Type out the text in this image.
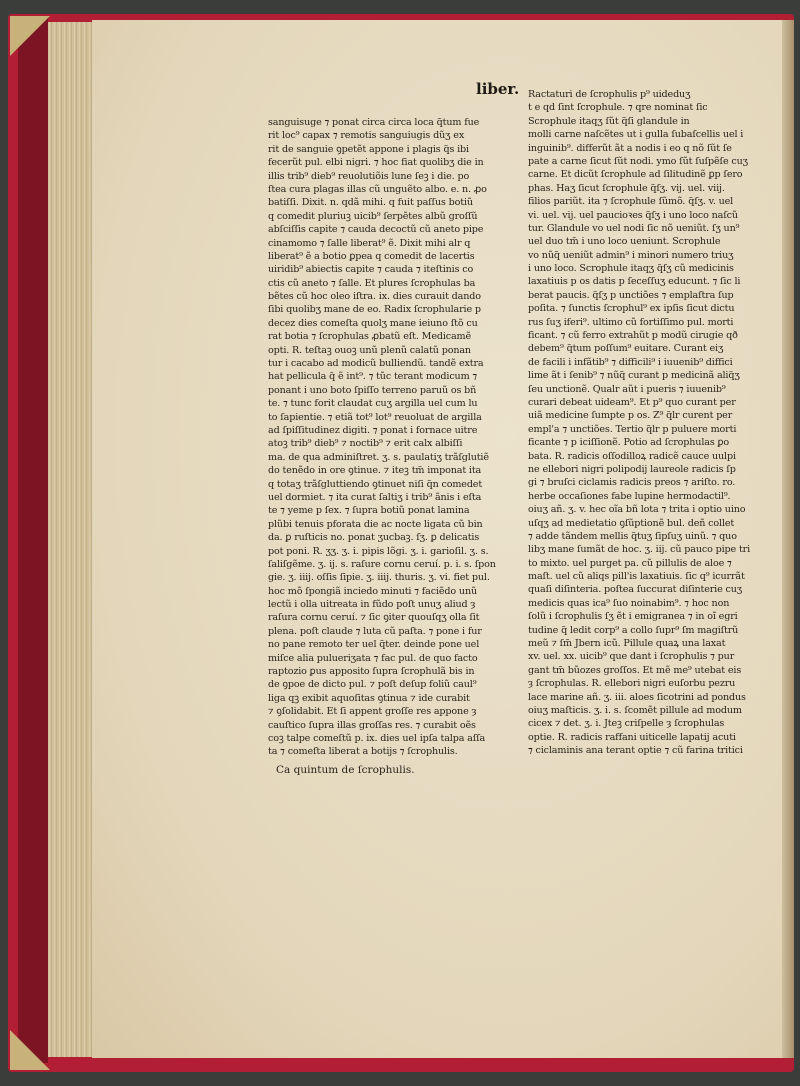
liber.
sanguisuge ⁊ ponat circa circa loca q̃tum fue
rit loc⁹ capax ⁊ remotis sanguiugis dũʒ ex
rit de sanguie ꝯpetẽt appone i plagis q̃s ibi
fecerũt pul. elbi nigri. ⁊ hoc fiat quolibʒ die in
illis trib⁹ dieb⁹ reuolutiõis lune ſeꝫ i die. po
ſtea cura plagas illas cũ unguẽto albo. e. n. ꝓo
batiſſi. Dixit. n. qdã mihi. q fuit paſſus botiũ
q comedit pluriuꝫ uicib⁹ ſerpẽtes albũ groſſũ
abſciſſis capite ⁊ cauda decoctũ cũ aneto pipe
cinamomo ⁊ ſalle liberat⁹ ẽ. Dixit mihi alr q
liberat⁹ ẽ a botio ꝑpea q comedit de lacertis
uiridib⁹ abiectis capite ⁊ cauda ⁊ iteſtinis co
ctis cũ aneto ⁊ ſalle. Et plures ſcrophulas ba
bẽtes cũ hoc oleo iſtra. ix. dies curauit dando
ſibi quolibʒ mane de eo. Radix ſcrophularie p
decez dies comeſta quolʒ mane ieiuno ſtõ cu
rat botia ⁊ ſcrophulas ꝓbatũ eſt. Medicamẽ
opti. R. teſtaꝫ ouoꝫ unũ plenũ calatũ ponan
tur i cacabo ad modicũ bulliendũ. tandẽ extra
hat pellicula q̃ ẽ int⁹. ⁊ tũc terant modicum ⁊
ponant i uno boto ſpiſſo terreno paruũ os bñ
te. ⁊ tunc forit claudat cuʒ argilla uel cum lu
to ſapientie. ⁊ etiã tot⁹ lot⁹ reuoluat de argilla
ad ſpiſſitudinez digiti. ⁊ ponat i fornace uitre
atoꝫ trib⁹ dieb⁹ ⁊ noctib⁹ ⁊ erit calx albiſſi
ma. de qua adminiſtret. ʒ. s. paulatiʒ trãſglutiẽ
do tenẽdo in ore ꝯtinue. ⁊ iteꝫ tm̃ imponat ita
q totaʒ trãſgluttiendo ꝯtinuet niſi q̃n comedet
uel dormiet. ⁊ ita curat ſaltiʒ i trib⁹ ãnis i eſta
te ⁊ yeme p ſex. ⁊ ſupra botiũ ponat lamina
plũbi tenuis pforata die ac nocte ligata cũ bin
da. ꝑ ruſticis no. ponat ʒucbaꝫ. ſʒ. ꝑ delicatis
pot poni. R. ʒʒ. ʒ. i. pipis lõgi. ʒ. i. garioſil. ʒ. s.
ſaliſgẽme. ʒ. ij. s. raſure cornu ceruí. p. i. s. ſpon
gie. ʒ. iiij. oſſis ſipie. ʒ. iiij. thuris. ʒ. vi. fiet pul.
hoc mõ ſpongiã inciedo minuti ⁊ faciẽdo unũ
lectũ i olla uitreata in fũdo poſt unuʒ aliud ȝ
raſura cornu ceruí. ⁊ ſic ꝯiter quouſqʒ olla ſit
plena. poſt claude ⁊ luta cũ paſta. ⁊ pone i fur
no pane remoto ter uel q̃ter. deinde pone uel
miſce alia pulueriʒata ⁊ fac pul. de quo facto
raptozio ꝑus apposito ſupra ſcrophulã bis in
de ꝯpoe de dicto pul. ⁊ poſt deſup foliũ caul⁹
liga qꝫ exibit aquoſitas ꝯtinua ⁊ ide curabit
⁊ ꝯſolidabit. Et ſi appent groſſe res appone ȝ
cauſtico ſupra illas groſſas res. ⁊ curabit oẽs
coꝫ talpe comeſtũ p. ix. dies uel ipſa talpa aſſa
ta ⁊ comeſta liberat a botijs ⁊ ſcrophulis.
Ca quintum de ſcrophulis.
Ractaturi de ſcrophulis p⁹ uideduʒ
t e qd ſint ſcrophule. ⁊ qre nominat ſic
Scrophule itaqʒ ſũt q̃ſi glandule in
molli carne naſcẽtes ut i gulla ſubaſcellis uel i
inguinib⁹. differũt ãt a nodis i eo q nõ ſũt ſe
pate a carne ſicut ſũt nodi. ymo ſũt ſuſpẽſe cuʒ
carne. Et dicũt ſcrophule ad ſilitudinẽ ꝑp ſero
phas. Haʒ ſicut ſcrophule q̃ſʒ. vij. uel. viij.
filios pariũt. ita ⁊ ſcrophule ſũmõ. q̃ſʒ. v. uel
vi. uel. vij. uel paucioꝛes q̃ſʒ i uno loco naſcũ
tur. Glandule vo uel nodi ſic nõ ueniũt. ſʒ un⁹
uel duo tm̃ i uno loco ueniunt. Scrophule
vo nũq̃ ueniũt admin⁹ i minori numero triuʒ
i uno loco. Scrophule itaqʒ q̃ſʒ cũ medicinis
laxatiuis p os datis p ſeceſſuʒ educunt. ⁊ ſic li
berat paucis. q̃ſʒ p unctiões ⁊ emplaſtra ſup
poſita. ⁊ ſunctis ſcrophul⁹ ex ipſis ſicut dictu
rus ſuʒ iferi⁹. ultimo cũ fortiſſimo pul. morti
ficant. ⁊ cũ ferro extrahũt p modũ cirugie qð
debem⁹ q̃tum poſſum⁹ euitare. Curant eiʒ
de facili i infãtib⁹ ⁊ difficili⁹ i iuuenib⁹ diffici
lime ãt i ſenib⁹ ⁊ nũq̃ curant p medicinã aliq̃ʒ
ſeu unctionẽ. Qualr aũt i pueris ⁊ iuuenib⁹
curari debeat uideam⁹. Et p⁹ quo curant per
uiã medicine ſumpte p os. Z⁹ q̃lr curent per
empl'a ⁊ unctiões. Tertio q̃lr p puluere morti
ficante ⁊ p iciſſionẽ. Potio ad ſcrophulas ꝑo
bata. R. radicis oſſodilloꝝ radicẽ cauce uulpi
ne ellebori nigri polipodij laureole radicis ſp
gi ⁊ bruſci ciclamis radicis preos ⁊ ariſto. ro.
herbe occaſiones fabe lupine hermodactil⁹.
oiuʒ añ. ʒ. v. hec oĩa bñ lota ⁊ trita i optio uino
uſqʒ ad medietatio ꝯſũptionẽ bul. deñ collet
⁊ adde tãndem mellis q̃tuʒ ſipſuʒ uinũ. ⁊ quo
libʒ mane ſumãt de hoc. ʒ. iij. cũ pauco pipe tri
to mixto. uel purget pa. cũ pillulis de aloe ⁊
maſt. uel cũ aliqs pill'is laxatiuis. ſic q⁹ icurrãt
quaſi diſinteria. poſtea ſuccurat diſinterie cuʒ
medicis quas ica⁹ ſuo noinabim⁹. ⁊ hoc non
ſolũ i ſcrophulis ſʒ ẽt i emigranea ⁊ in oĩ egri
tudine q̃ ledit corp⁹ a collo ſupr⁹ ſm magiſtrũ
meũ ⁊ ſm̃ Jbern icũ. Pillule quaꝝ una laxat
xv. uel. xx. uicib⁹ que dant i ſcrophulis ⁊ pur
gant tm̃ bũozes groſſos. Et mẽ me⁹ utebat eis
ȝ ſcrophulas. R. ellebori nigri euſorbu pezru
lace marine añ. ʒ. iii. aloes ſicotrini ad pondus
oiuʒ maſticis. ʒ. i. s. ſcomẽt pillule ad modum
cicex ⁊ det. ʒ. i. Jteꝫ criſpelle ȝ ſcrophulas
optie. R. radicis raffani uiticelle lapatij acuti
⁊ ciclaminis ana terant optie ⁊ cũ farina tritici
